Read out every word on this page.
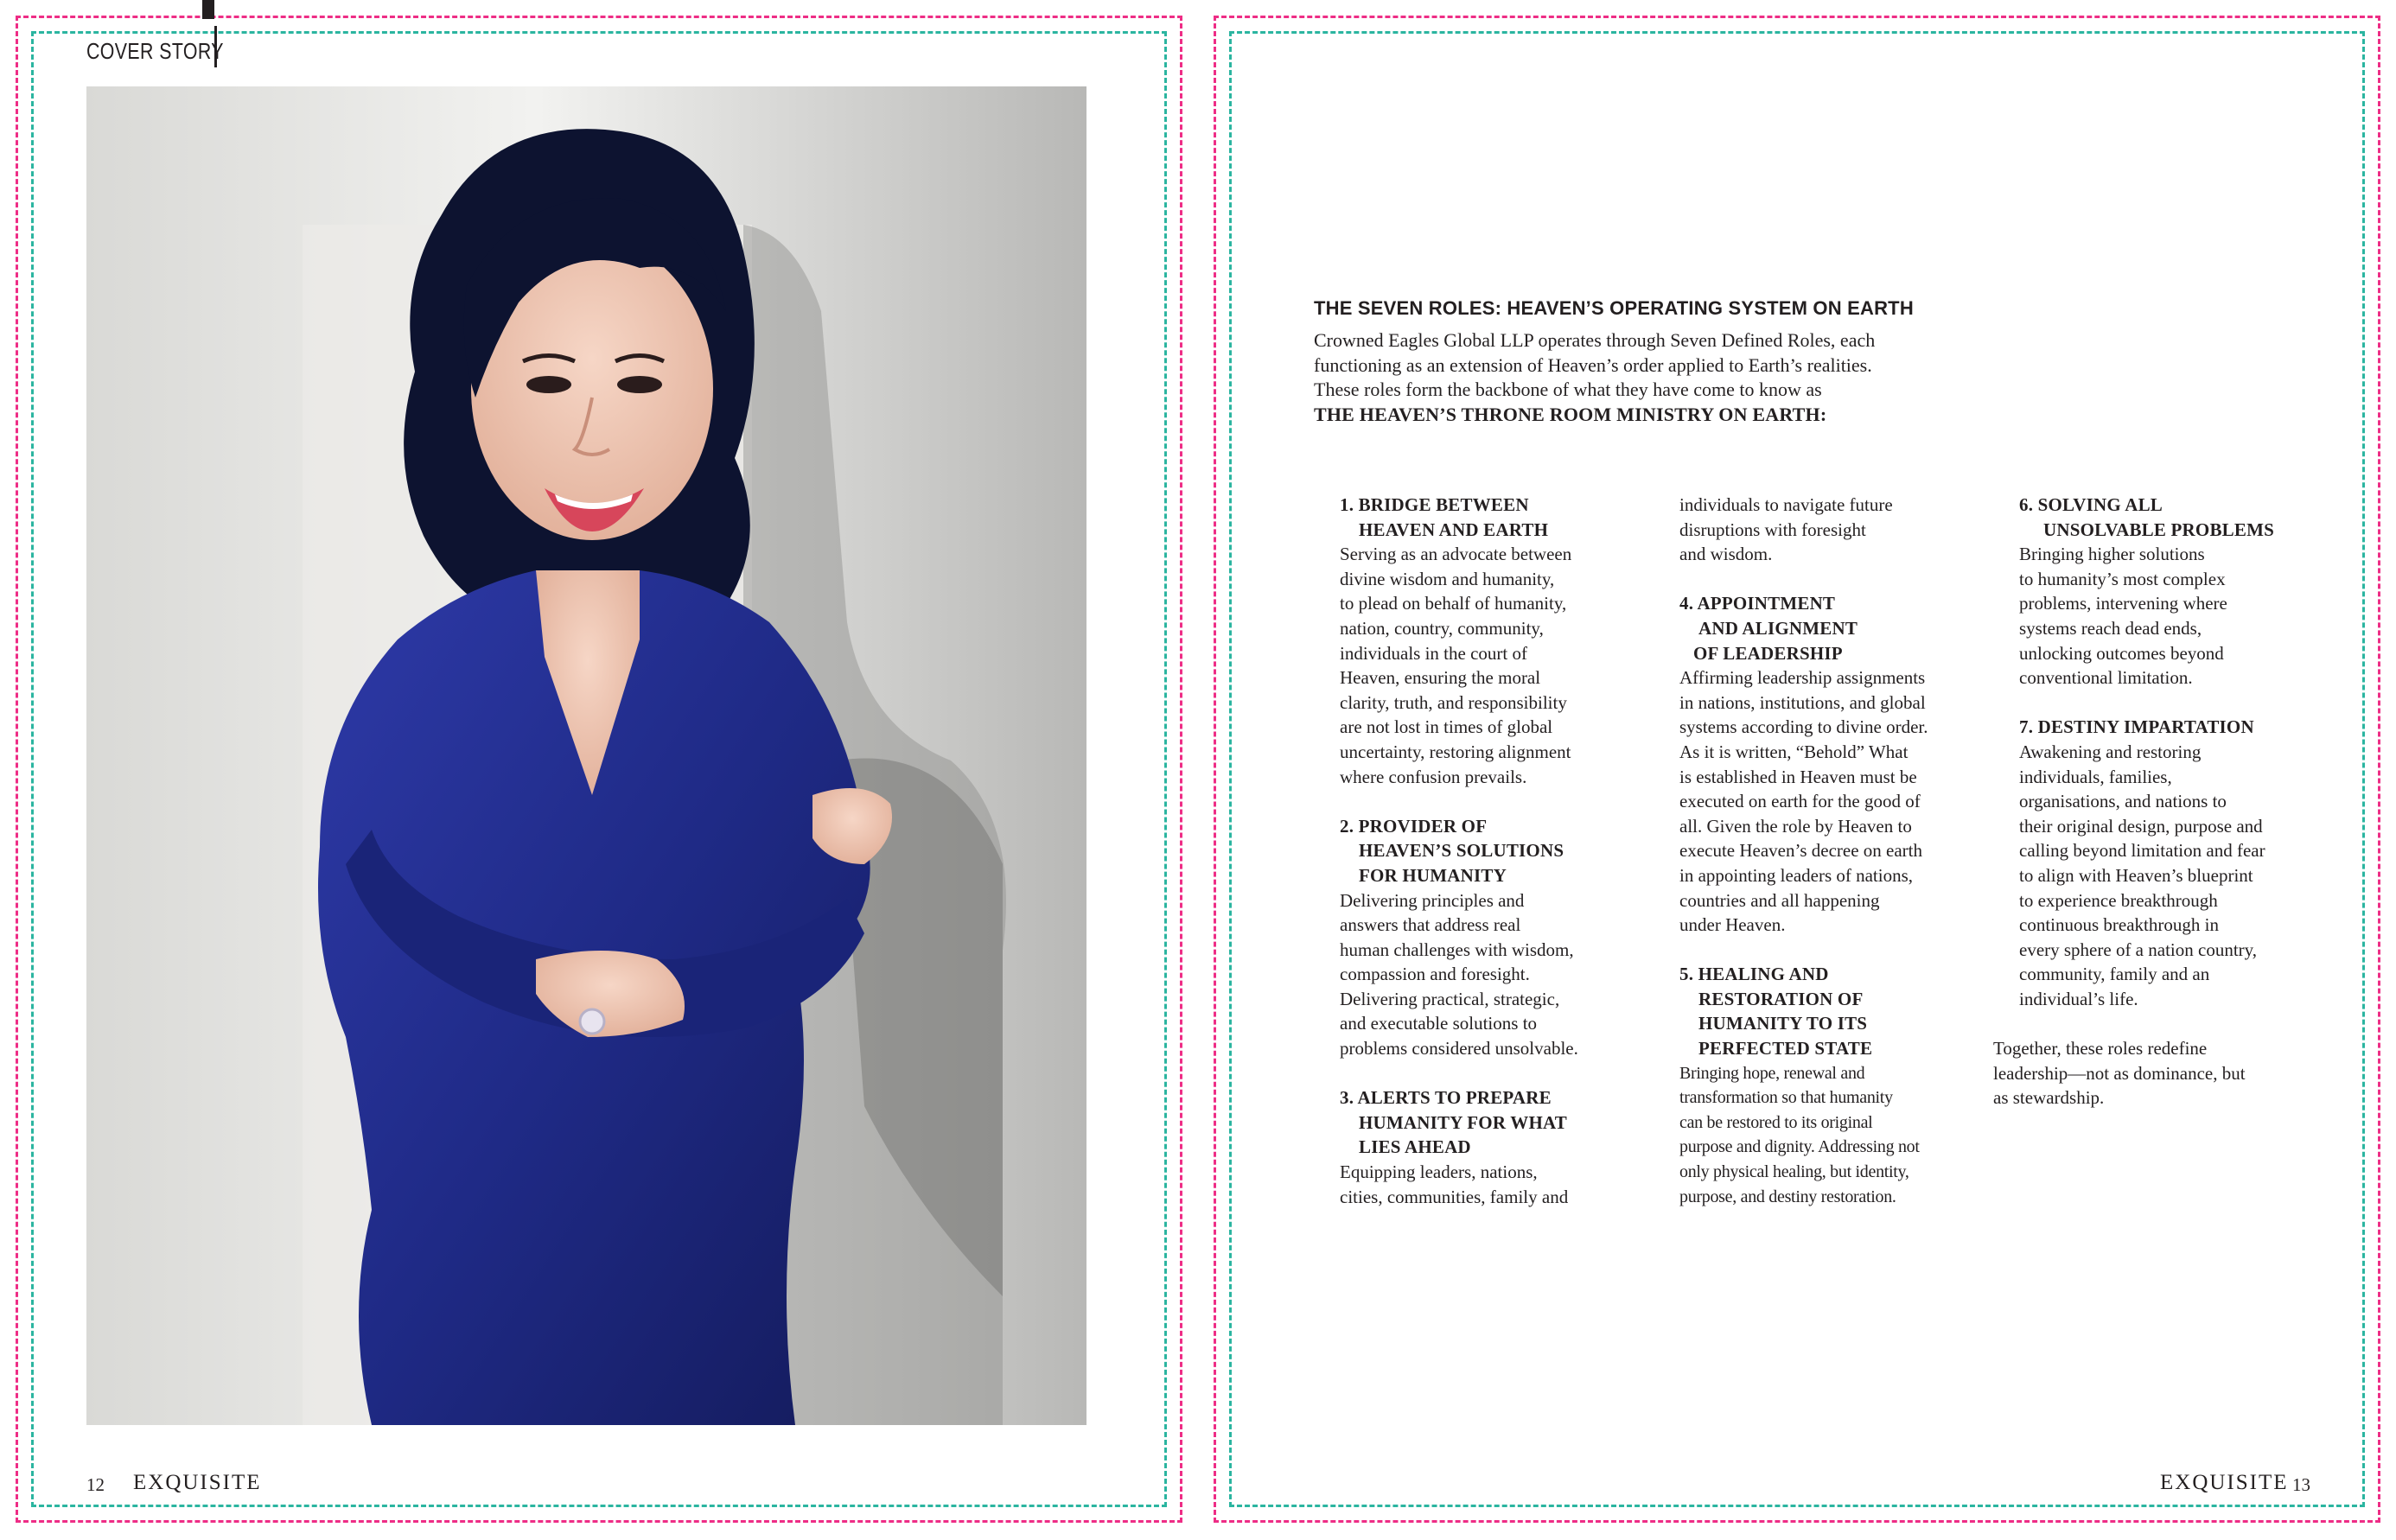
COVER STORY
12 EXQUISITE
THE SEVEN ROLES: HEAVEN’S OPERATING SYSTEM ON EARTH
Crowned Eagles Global LLP operates through Seven Defined Roles, each
functioning as an extension of Heaven’s order applied to Earth’s realities.
These roles form the backbone of what they have come to know as
THE HEAVEN’S THRONE ROOM MINISTRY ON EARTH:
1. BRIDGE BETWEEN
HEAVEN AND EARTH
Serving as an advocate between
divine wisdom and humanity,
to plead on behalf of humanity,
nation, country, community,
individuals in the court of
Heaven, ensuring the moral
clarity, truth, and responsibility
are not lost in times of global
uncertainty, restoring alignment
where confusion prevails.
2. PROVIDER OF
HEAVEN’S SOLUTIONS
FOR HUMANITY
Delivering principles and
answers that address real
human challenges with wisdom,
compassion and foresight.
Delivering practical, strategic,
and executable solutions to
problems considered unsolvable.
3. ALERTS TO PREPARE
HUMANITY FOR WHAT
LIES AHEAD
Equipping leaders, nations,
cities, communities, family and
individuals to navigate future
disruptions with foresight
and wisdom.
4. APPOINTMENT
AND ALIGNMENT
OF LEADERSHIP
Affirming leadership assignments
in nations, institutions, and global
systems according to divine order.
As it is written, “Behold” What
is established in Heaven must be
executed on earth for the good of
all. Given the role by Heaven to
execute Heaven’s decree on earth
in appointing leaders of nations,
countries and all happening
under Heaven.
5. HEALING AND
RESTORATION OF
HUMANITY TO ITS
PERFECTED STATE
Bringing hope, renewal and
transformation so that humanity
can be restored to its original
purpose and dignity. Addressing not
only physical healing, but identity,
purpose, and destiny restoration.
6. SOLVING ALL
UNSOLVABLE PROBLEMS
Bringing higher solutions
to humanity’s most complex
problems, intervening where
systems reach dead ends,
unlocking outcomes beyond
conventional limitation.
7. DESTINY IMPARTATION
Awakening and restoring
individuals, families,
organisations, and nations to
their original design, purpose and
calling beyond limitation and fear
to align with Heaven’s blueprint
to experience breakthrough
continuous breakthrough in
every sphere of a nation country,
community, family and an
individual’s life.
Together, these roles redefine
leadership—not as dominance, but
as stewardship.
EXQUISITE 13
